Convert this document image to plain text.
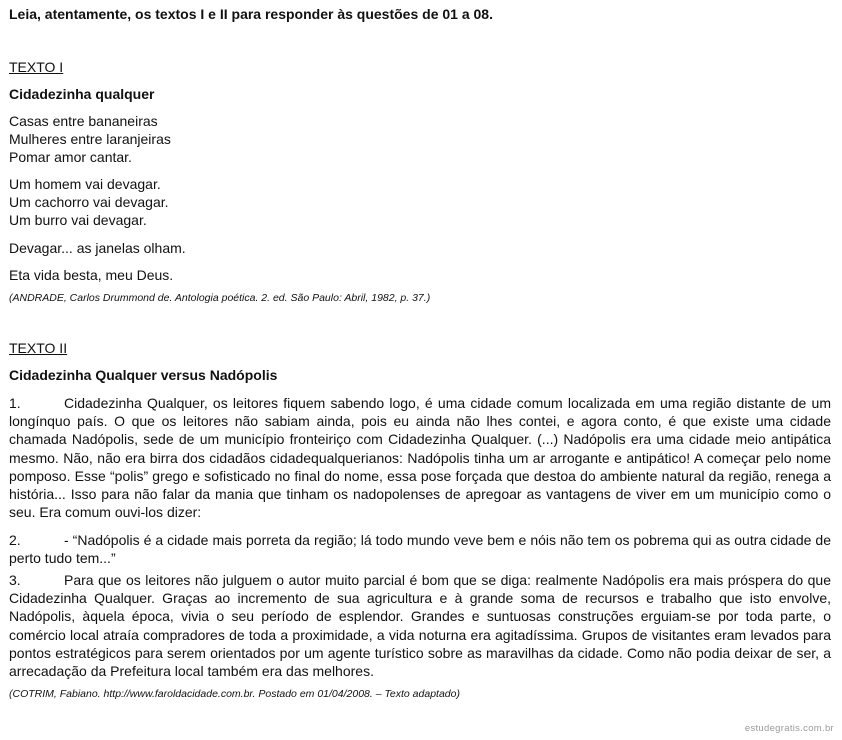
Leia, atentamente, os textos I e II para responder às questões de 01 a 08.
TEXTO I
Cidadezinha qualquer
Casas entre bananeiras
Mulheres entre laranjeiras
Pomar amor cantar.
Um homem vai devagar.
Um cachorro vai devagar.
Um burro vai devagar.
Devagar... as janelas olham.
Eta vida besta, meu Deus.
(ANDRADE, Carlos Drummond de. Antologia poética. 2. ed. São Paulo: Abril, 1982, p. 37.)
TEXTO II
Cidadezinha Qualquer versus Nadópolis
1.	Cidadezinha Qualquer, os leitores fiquem sabendo logo, é uma cidade comum localizada em uma região distante de um longínquo país. O que os leitores não sabiam ainda, pois eu ainda não lhes contei, e agora conto, é que existe uma cidade chamada Nadópolis, sede de um município fronteiriço com Cidadezinha Qualquer. (...) Nadópolis era uma cidade meio antipática mesmo. Não, não era birra dos cidadãos cidadequalquerianos: Nadópolis tinha um ar arrogante e antipático! A começar pelo nome pomposo. Esse “polis” grego e sofisticado no final do nome, essa pose forçada que destoa do ambiente natural da região, renega a história... Isso para não falar da mania que tinham os nadopolenses de apregoar as vantagens de viver em um município como o seu. Era comum ouvi-los dizer:
2.	- “Nadópolis é a cidade mais porreta da região; lá todo mundo veve bem e nóis não tem os pobrema qui as outra cidade de perto tudo tem...”
3.	Para que os leitores não julguem o autor muito parcial é bom que se diga: realmente Nadópolis era mais próspera do que Cidadezinha Qualquer. Graças ao incremento de sua agricultura e à grande soma de recursos e trabalho que isto envolve, Nadópolis, àquela época, vivia o seu período de esplendor. Grandes e suntuosas construções erguiam-se por toda parte, o comércio local atraía compradores de toda a proximidade, a vida noturna era agitadíssima. Grupos de visitantes eram levados para pontos estratégicos para serem orientados por um agente turístico sobre as maravilhas da cidade. Como não podia deixar de ser, a arrecadação da Prefeitura local também era das melhores.
(COTRIM, Fabiano. http://www.faroldacidade.com.br. Postado em 01/04/2008. – Texto adaptado)
estudegratis.com.br
